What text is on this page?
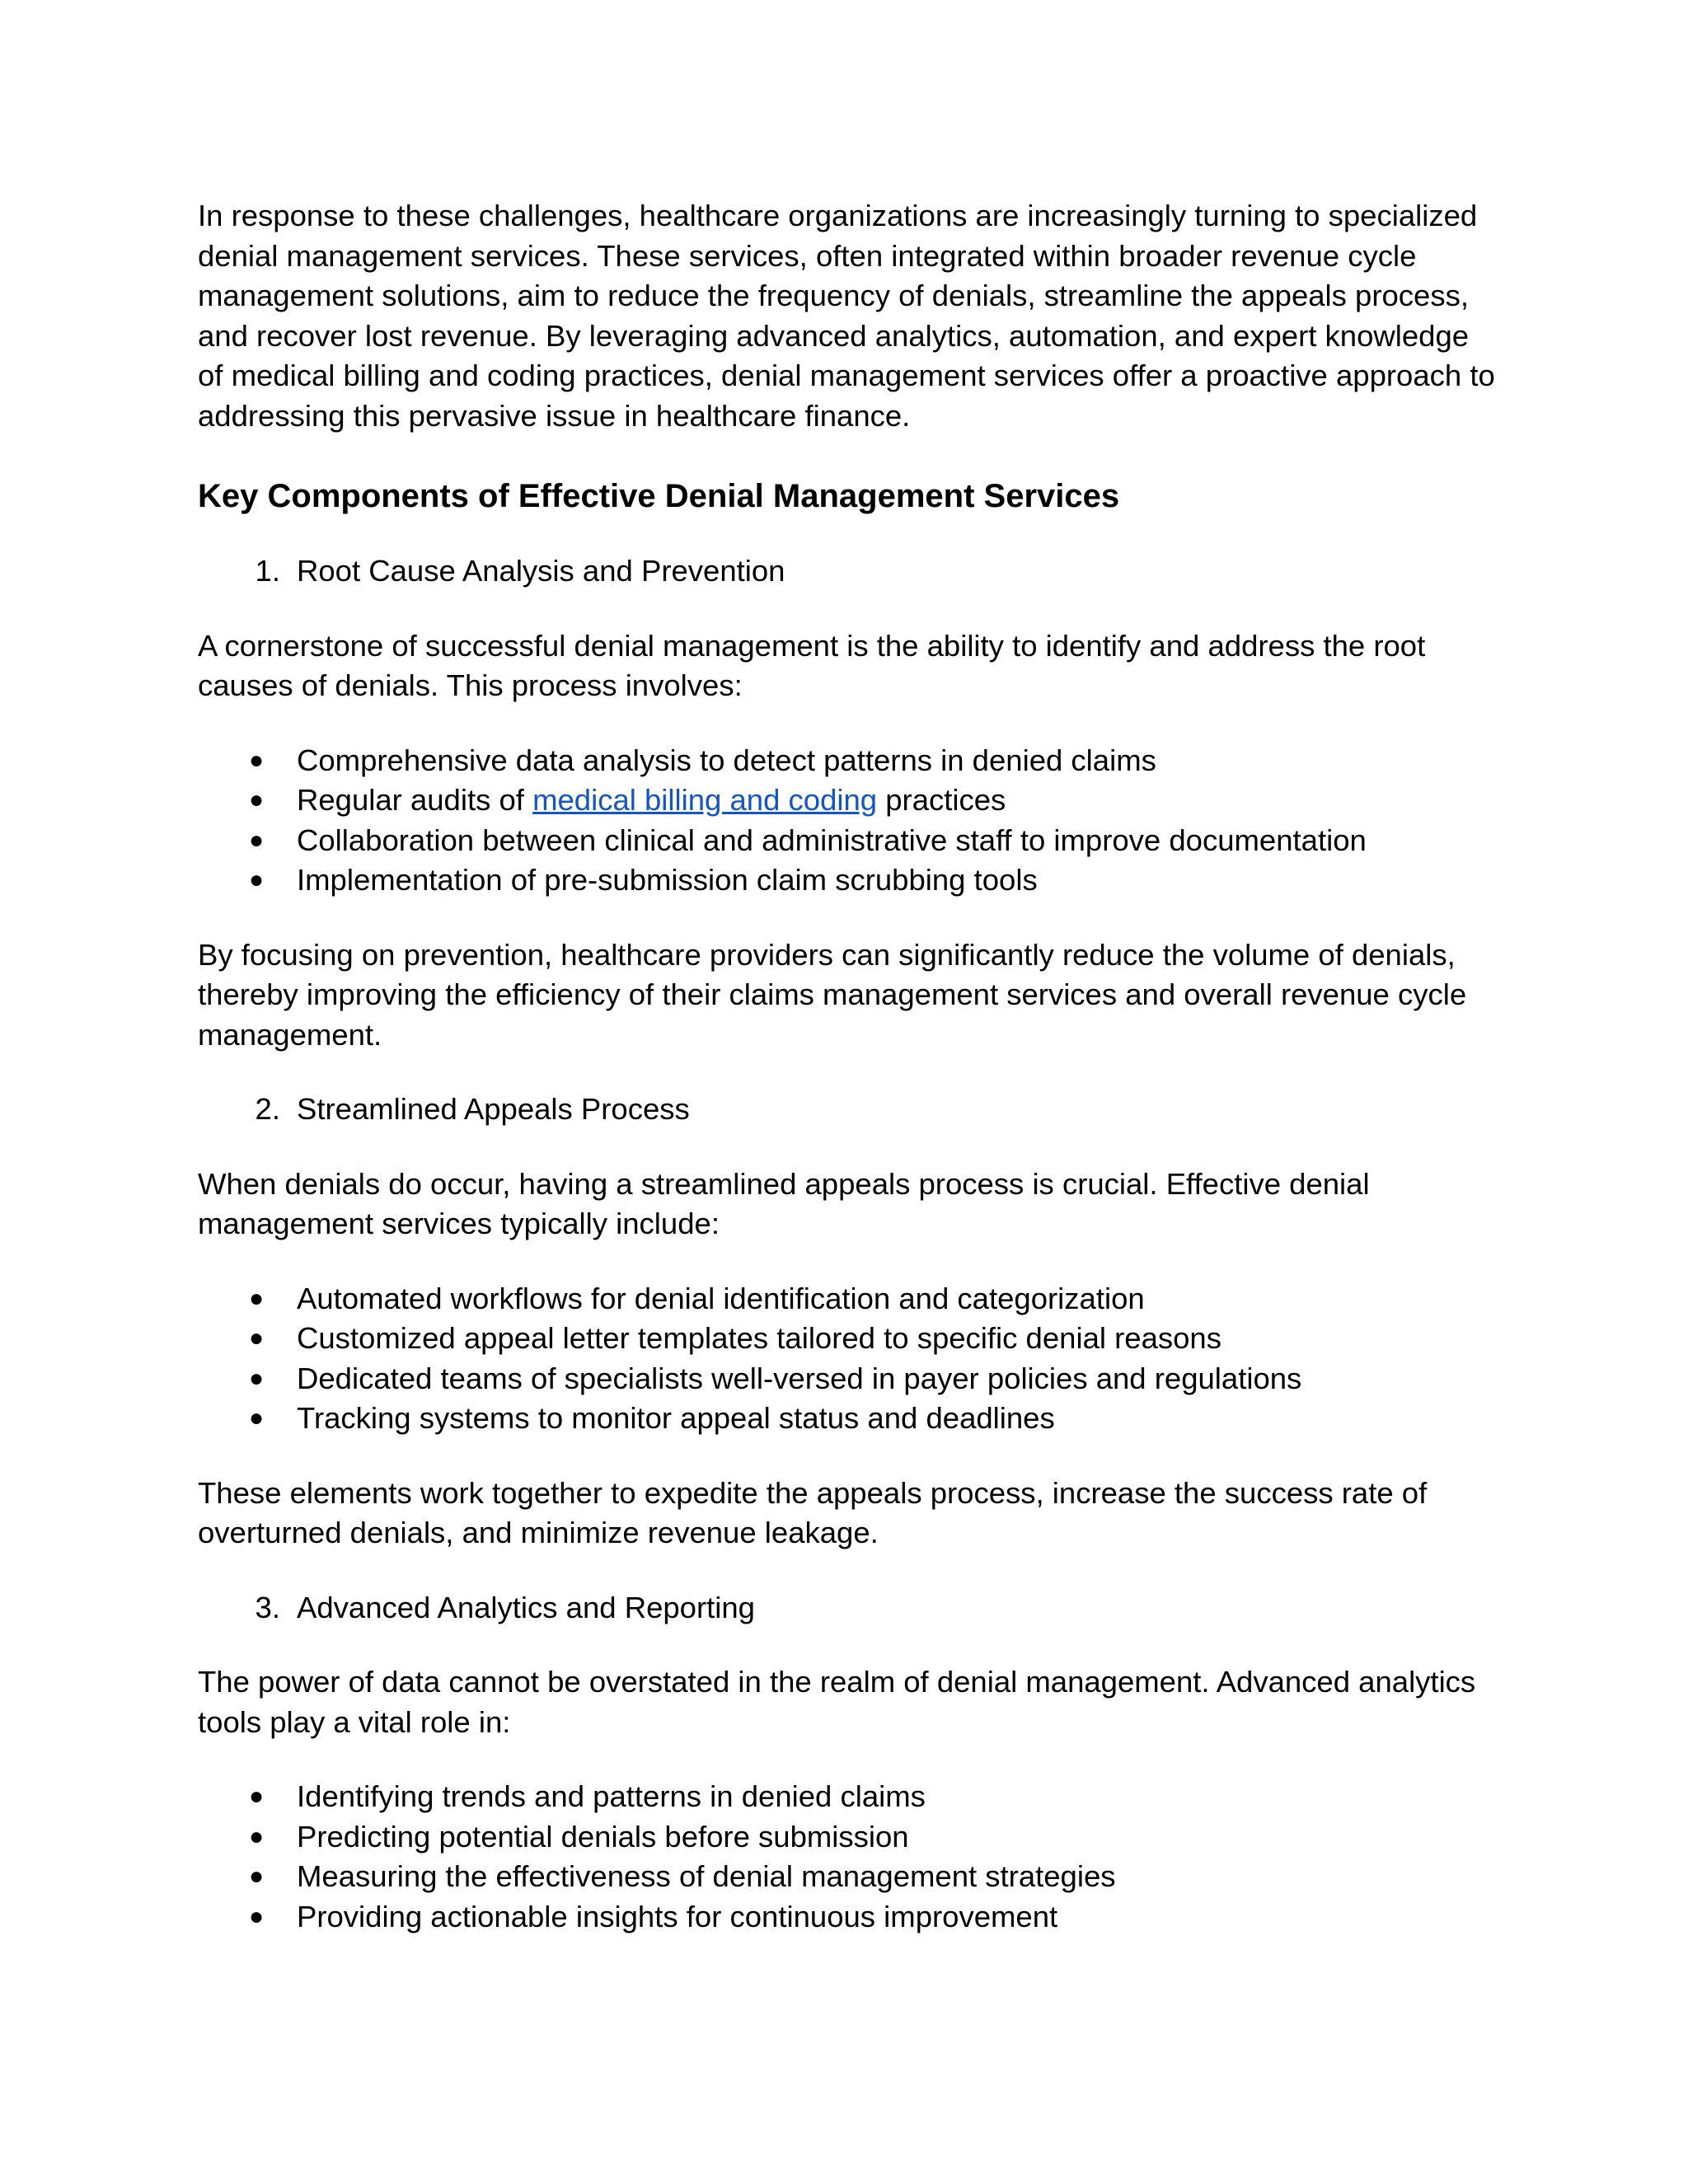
In response to these challenges, healthcare organizations are increasingly turning to specialized denial management services. These services, often integrated within broader revenue cycle management solutions, aim to reduce the frequency of denials, streamline the appeals process, and recover lost revenue. By leveraging advanced analytics, automation, and expert knowledge of medical billing and coding practices, denial management services offer a proactive approach to addressing this pervasive issue in healthcare finance.

Key Components of Effective Denial Management Services
1. Root Cause Analysis and Prevention

A cornerstone of successful denial management is the ability to identify and address the root causes of denials. This process involves:

●	Comprehensive data analysis to detect patterns in denied claims
●	Regular audits of medical billing and coding practices
●	Collaboration between clinical and administrative staff to improve documentation
●	Implementation of pre-submission claim scrubbing tools

By focusing on prevention, healthcare providers can significantly reduce the volume of denials, thereby improving the efficiency of their claims management services and overall revenue cycle management.

2. Streamlined Appeals Process

When denials do occur, having a streamlined appeals process is crucial. Effective denial management services typically include:

●	Automated workflows for denial identification and categorization
●	Customized appeal letter templates tailored to specific denial reasons
●	Dedicated teams of specialists well-versed in payer policies and regulations
●	Tracking systems to monitor appeal status and deadlines

These elements work together to expedite the appeals process, increase the success rate of overturned denials, and minimize revenue leakage.

3. Advanced Analytics and Reporting

The power of data cannot be overstated in the realm of denial management. Advanced analytics tools play a vital role in:

●	Identifying trends and patterns in denied claims
●	Predicting potential denials before submission
●	Measuring the effectiveness of denial management strategies
●	Providing actionable insights for continuous improvement
